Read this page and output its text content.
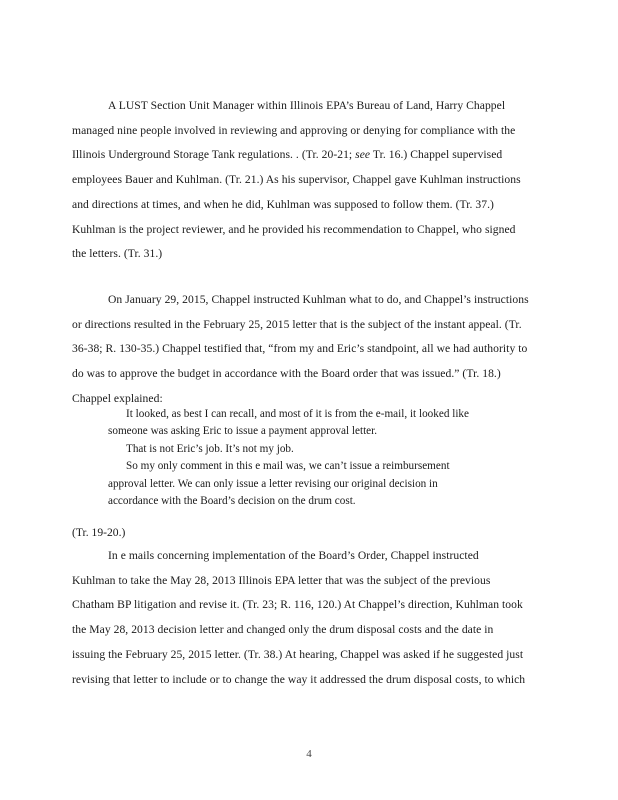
A LUST Section Unit Manager within Illinois EPA’s Bureau of Land, Harry Chappel
managed nine people involved in reviewing and approving or denying for compliance with the
Illinois Underground Storage Tank regulations. . (Tr. 20-21; see Tr. 16.) Chappel supervised
employees Bauer and Kuhlman. (Tr. 21.) As his supervisor, Chappel gave Kuhlman instructions
and directions at times, and when he did, Kuhlman was supposed to follow them. (Tr. 37.)
Kuhlman is the project reviewer, and he provided his recommendation to Chappel, who signed
the letters. (Tr. 31.)
On January 29, 2015, Chappel instructed Kuhlman what to do, and Chappel’s instructions
or directions resulted in the February 25, 2015 letter that is the subject of the instant appeal. (Tr.
36-38; R. 130-35.) Chappel testified that, “from my and Eric’s standpoint, all we had authority to
do was to approve the budget in accordance with the Board order that was issued.” (Tr. 18.)
Chappel explained:
It looked, as best I can recall, and most of it is from the e-mail, it looked like
someone was asking Eric to issue a payment approval letter.
That is not Eric’s job. It’s not my job.
So my only comment in this e mail was, we can’t issue a reimbursement
approval letter. We can only issue a letter revising our original decision in
accordance with the Board’s decision on the drum cost.
(Tr. 19-20.)
In e mails concerning implementation of the Board’s Order, Chappel instructed
Kuhlman to take the May 28, 2013 Illinois EPA letter that was the subject of the previous
Chatham BP litigation and revise it. (Tr. 23; R. 116, 120.) At Chappel’s direction, Kuhlman took
the May 28, 2013 decision letter and changed only the drum disposal costs and the date in
issuing the February 25, 2015 letter. (Tr. 38.) At hearing, Chappel was asked if he suggested just
revising that letter to include or to change the way it addressed the drum disposal costs, to which
4
